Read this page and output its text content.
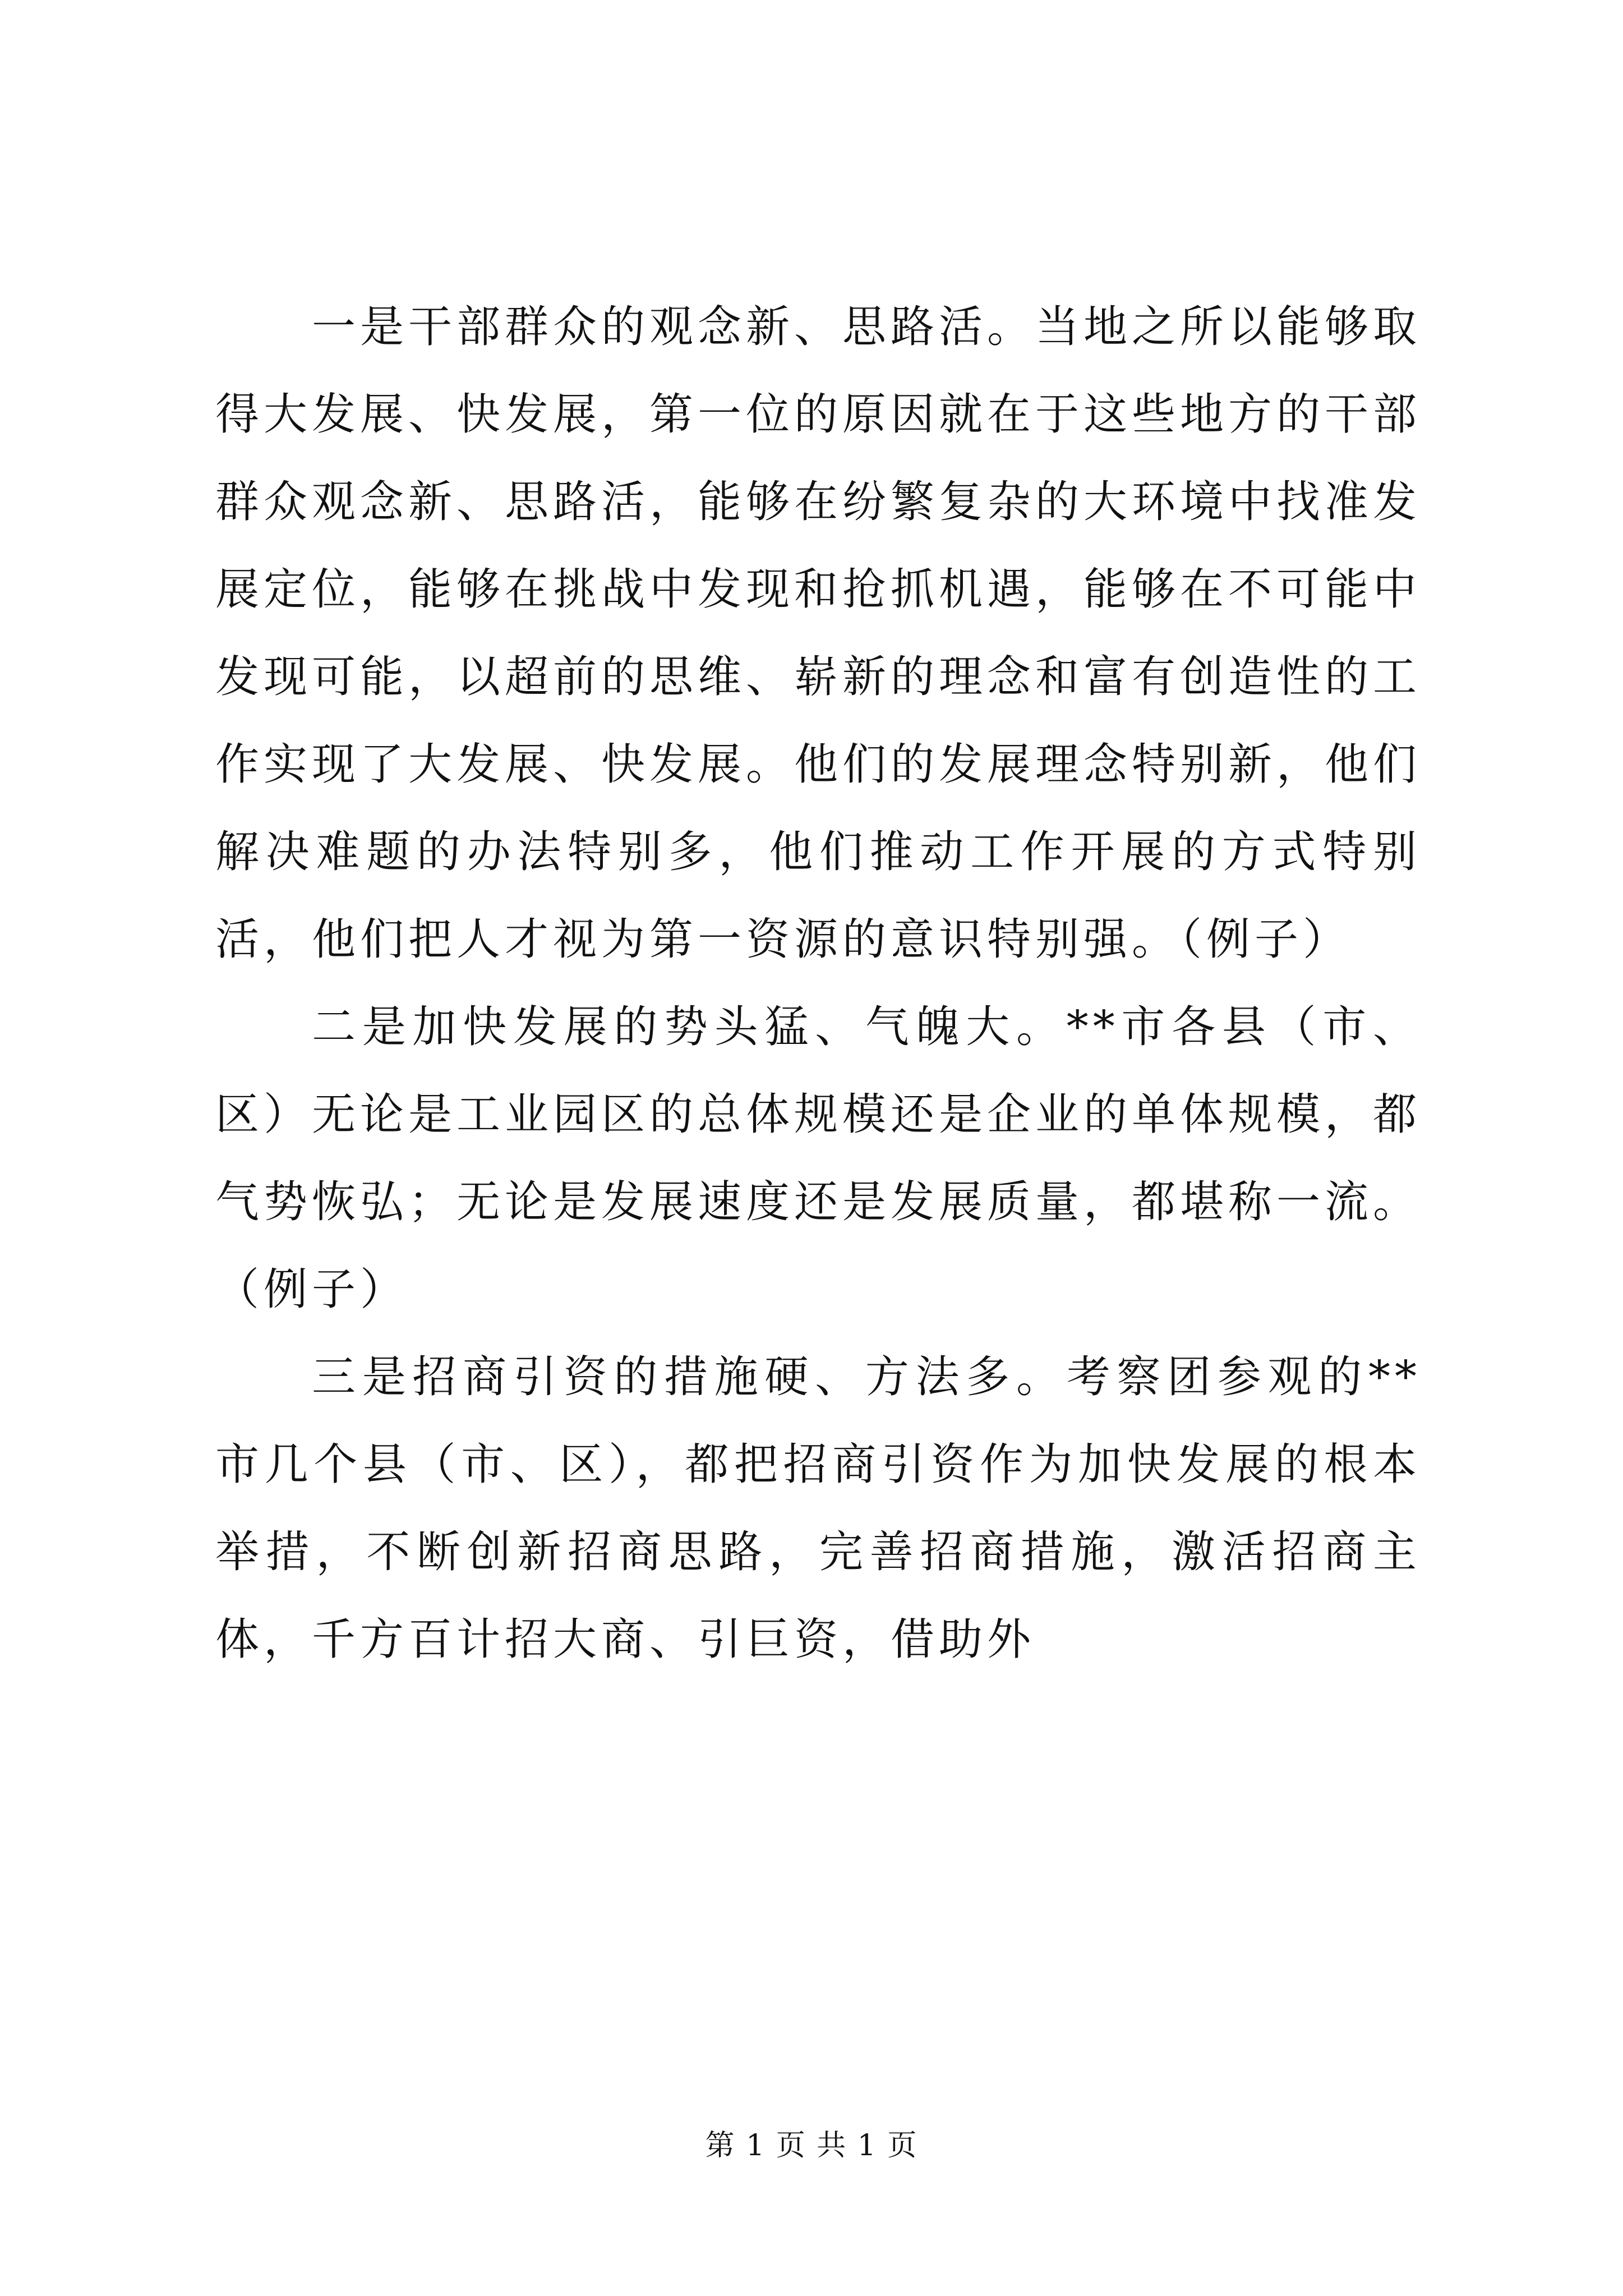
一是干部群众的观念新、思路活。当地之所以能够取得大发展、快发展，第一位的原因就在于这些地方的干部群众观念新、思路活，能够在纷繁复杂的大环境中找准发展定位，能够在挑战中发现和抢抓机遇，能够在不可能中发现可能，以超前的思维、崭新的理念和富有创造性的工作实现了大发展、快发展。他们的发展理念特别新，他们解决难题的办法特别多，他们推动工作开展的方式特别活，他们把人才视为第一资源的意识特别强。（例子）

二是加快发展的势头猛、气魄大。**市各县（市、区）无论是工业园区的总体规模还是企业的单体规模，都气势恢弘；无论是发展速度还是发展质量，都堪称一流。（例子）

三是招商引资的措施硬、方法多。考察团参观的**市几个县（市、区），都把招商引资作为加快发展的根本举措，不断创新招商思路，完善招商措施，激活招商主体，千方百计招大商、引巨资，借助外

第 1 页 共 1 页
